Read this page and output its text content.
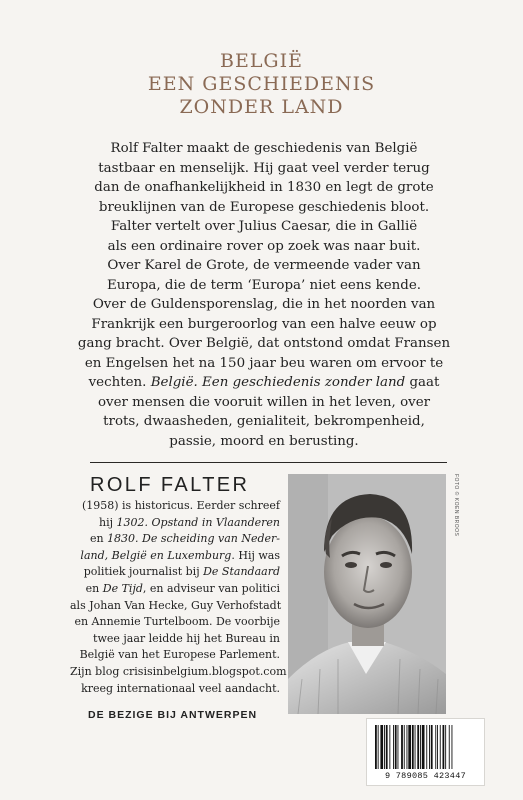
BELGIË
EEN GESCHIEDENIS
ZONDER LAND
Rolf Falter maakt de geschiedenis van België
tastbaar en menselijk. Hij gaat veel verder terug
dan de onafhankelijkheid in 1830 en legt de grote
breuklijnen van de Europese geschiedenis bloot.
Falter vertelt over Julius Caesar, die in Gallië
als een ordinaire rover op zoek was naar buit.
Over Karel de Grote, de vermeende vader van
Europa, die de term ‘Europa’ niet eens kende.
Over de Guldensporenslag, die in het noorden van
Frankrijk een burgeroorlog van een halve eeuw op
gang bracht. Over België, dat ontstond omdat Fransen
en Engelsen het na 150 jaar beu waren om ervoor te
vechten. België. Een geschiedenis zonder land gaat
over mensen die vooruit willen in het leven, over
trots, dwaasheden, genialiteit, bekrompenheid,
passie, moord en berusting.
ROLF FALTER
(1958) is historicus. Eerder schreef
hij 1302. Opstand in Vlaanderen
en 1830. De scheiding van Neder-
land, België en Luxemburg. Hij was
politiek journalist bij De Standaard
en De Tijd, en adviseur van politici
als Johan Van Hecke, Guy Verhofstadt
en Annemie Turtelboom. De voorbije
twee jaar leidde hij het Bureau in
België van het Europese Parlement.
Zijn blog crisisinbelgium.blogspot.com
kreeg internationaal veel aandacht.
DE BEZIGE BIJ ANTWERPEN
FOTO © KOEN BROOS
9 789085 423447
